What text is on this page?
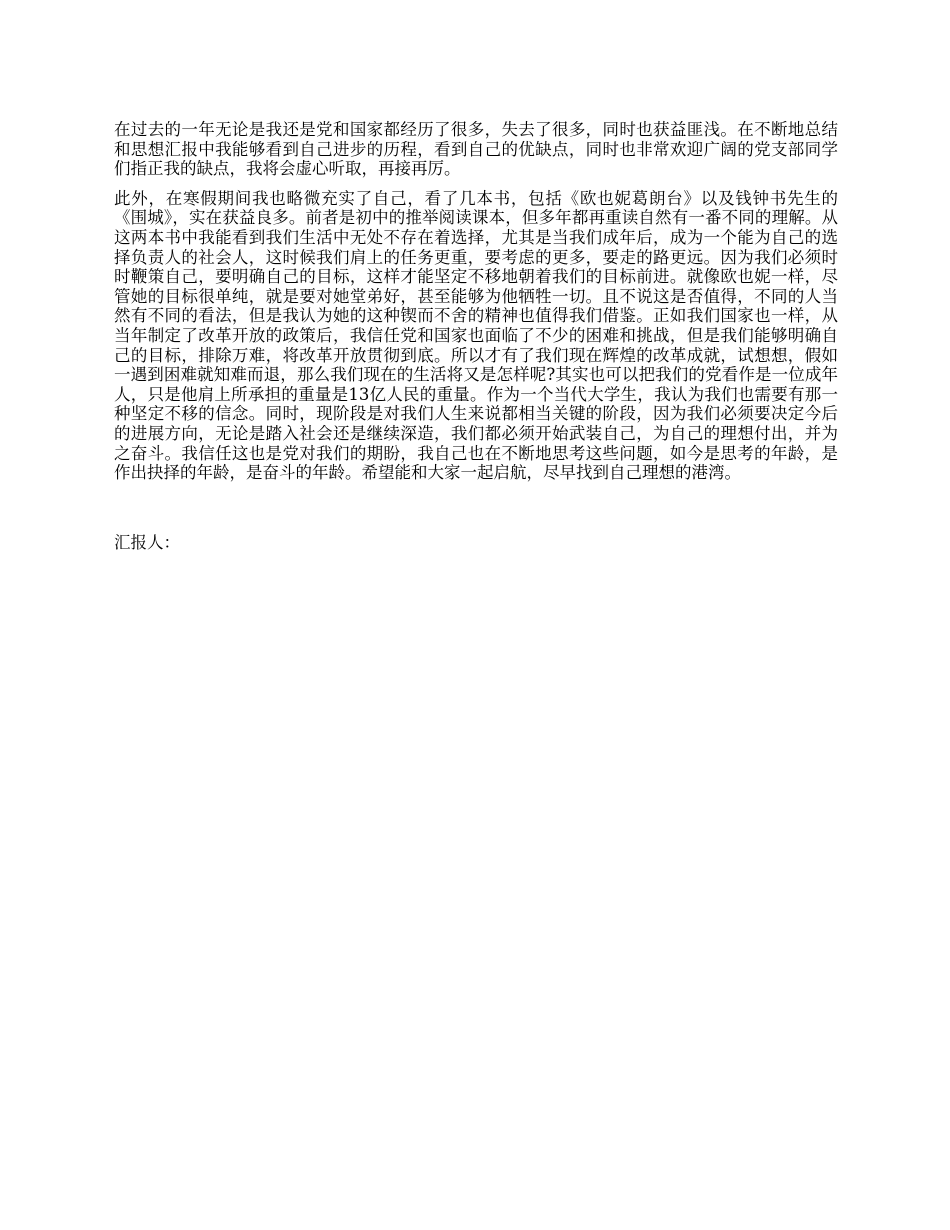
在过去的一年无论是我还是党和国家都经历了很多，失去了很多，同时也获益匪浅。在不断地总结和思想汇报中我能够看到自己进步的历程，看到自己的优缺点，同时也非常欢迎广阔的党支部同学们指正我的缺点，我将会虚心听取，再接再厉。

此外，在寒假期间我也略微充实了自己，看了几本书，包括《欧也妮葛朗台》以及钱钟书先生的《围城》，实在获益良多。前者是初中的推举阅读课本，但多年都再重读自然有一番不同的理解。从这两本书中我能看到我们生活中无处不存在着选择，尤其是当我们成年后，成为一个能为自己的选择负责人的社会人，这时候我们肩上的任务更重，要考虑的更多，要走的路更远。因为我们必须时时鞭策自己，要明确自己的目标，这样才能坚定不移地朝着我们的目标前进。就像欧也妮一样，尽管她的目标很单纯，就是要对她堂弟好，甚至能够为他牺牲一切。且不说这是否值得，不同的人当然有不同的看法，但是我认为她的这种锲而不舍的精神也值得我们借鉴。正如我们国家也一样，从当年制定了改革开放的政策后，我信任党和国家也面临了不少的困难和挑战，但是我们能够明确自己的目标，排除万难，将改革开放贯彻到底。所以才有了我们现在辉煌的改革成就，试想想，假如一遇到困难就知难而退，那么我们现在的生活将又是怎样呢?其实也可以把我们的党看作是一位成年人，只是他肩上所承担的重量是13亿人民的重量。作为一个当代大学生，我认为我们也需要有那一种坚定不移的信念。同时，现阶段是对我们人生来说都相当关键的阶段，因为我们必须要决定今后的进展方向，无论是踏入社会还是继续深造，我们都必须开始武装自己，为自己的理想付出，并为之奋斗。我信任这也是党对我们的期盼，我自己也在不断地思考这些问题，如今是思考的年龄，是作出抉择的年龄，是奋斗的年龄。希望能和大家一起启航，尽早找到自己理想的港湾。

汇报人：
